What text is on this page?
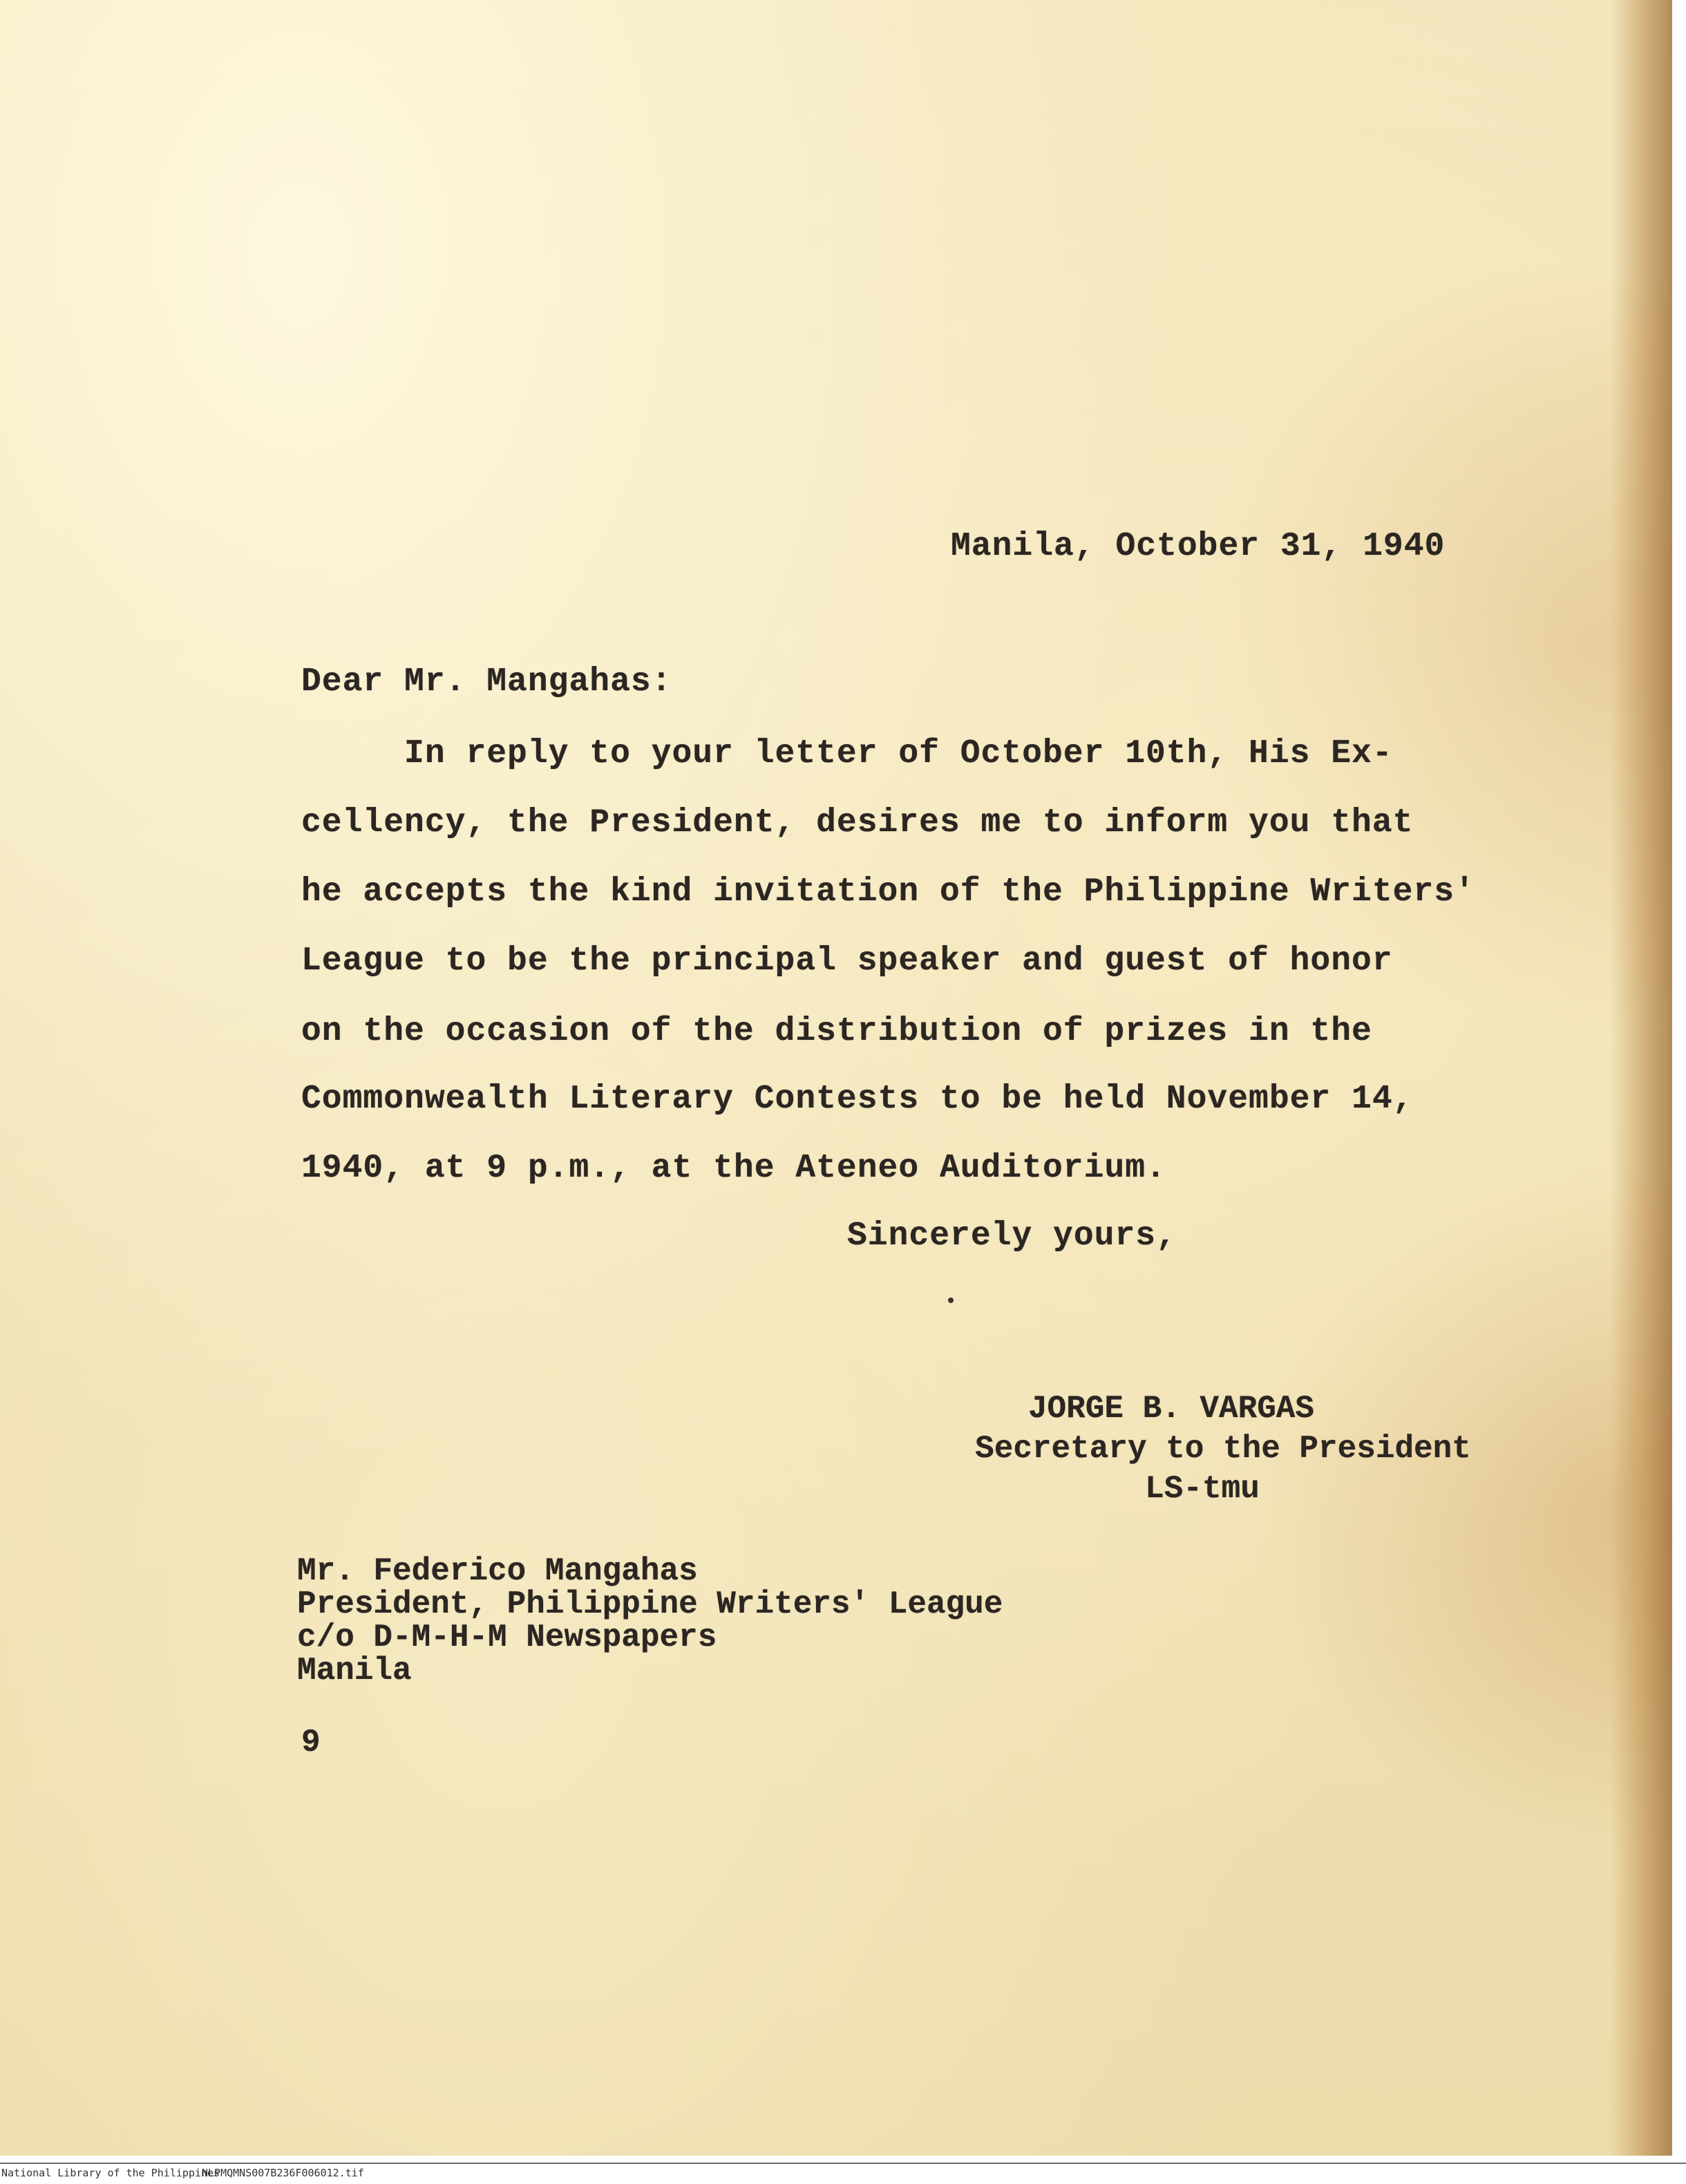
Manila, October 31, 1940
Dear Mr. Mangahas:
In reply to your letter of October 10th, His Ex-
cellency, the President, desires me to inform you that
he accepts the kind invitation of the Philippine Writers'
League to be the principal speaker and guest of honor
on the occasion of the distribution of prizes in the
Commonwealth Literary Contests to be held November 14,
1940, at 9 p.m., at the Ateneo Auditorium.
Sincerely yours,
JORGE B. VARGAS
Secretary to the President
LS-tmu
Mr. Federico Mangahas
President, Philippine Writers' League
c/o D-M-H-M Newspapers
Manila
9
National Library of the Philippines
NLPMQMNS007B236F006012.tif
